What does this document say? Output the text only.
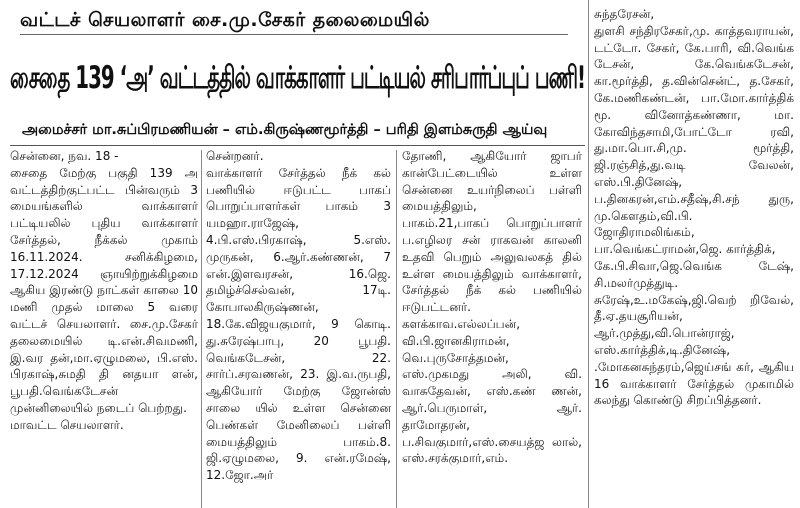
வட்டச் செயலாளர் சை.மு.சேகர் தலைமையில்
சைதை 139 ‘அ’ வட்டத்தில் வாக்காளர் பட்டியல் சரிபார்ப்புப் பணி!
அமைச்சர் மா.சுப்பிரமணியன் – எம்.கிருஷ்ணமூர்த்தி – பரிதி இளம்சுருதி ஆய்வு

சென்னை, நவ. 18 -
சைதை மேற்கு பகுதி 139 அ வட்டத்திற்குட்பட்ட பின்வரும் 3 மையங்களில் வாக்காளர் பட்டியலில் புதிய வாக்காளர் சேர்த்தல், நீக்கல் முகாம் 16.11.2024. சனிக்கிழமை, 17.12.2024 ஞாயிற்றுக்கிழமை ஆகிய இரண்டு நாட்கள் காலை 10 மணி முதல் மாலை 5 வரை வட்டச் செயலாளர். சை.மு.சேகர் தலைமையில் டி.என்.சிவமணி, இ.வர தன்,மா.ஏழுமலை, பி.எஸ். பிரகாஷ்,சுமதி தி னதயா ளன், பூபதி.வெங்கடேசன் முன்னிலையில் நடைப் பெற்றது.
மாவட்ட செயலாளர்.

சென்றனர்.
வாக்காளர் சேர்த்தல் நீக் கல் பணியில் ஈடுபட்ட பாகப் பொறுப்பாளர்கள் பாகம் 3 யமஹா.ராஜேஷ், 4.பி.எஸ்.பிரகாஷ், 5.எஸ். முருகன், 6.ஆர்.கண்ணன், 7 என்.இளவரசன், 16.ஜெ. தமிழ்ச்செல்வன், 17டி. கோபாலகிருஷ்ணன், 18.கே.விஜயகுமார், 9 கொடி. து.சுரேஷ்பாபு, 20 பூபதி. வெங்கடேசன், 22. சார்ப்.சரவணன், 23. இ.வ.ருபதி, ஆகியோர் மேற்கு ஜோன்ஸ் சாலை யில் உள்ள சென்னை பெண்கள் மேனிலைப் பள்ளி மையத்திலும் பாகம்.8. ஜி.ஏழுமலை, 9. என்.ரமேஷ், 12.ஜோ.அர்

தோணி, ஆகியோர் ஜாபர் கான்பேட்டையில் உள்ள சென்னை உயர்நிலைப் பள்ளி மையத்திலும்,
பாகம்.21,பாகப் பொறுப்பாளர் ப.எழிலர சன் ராகவன் காலனி உதவி பெறும் அலுவலகத் தில் உள்ள மையத்திலும் வாக்காளர், சேர்த்தல் நீக் கல் பணியில் ஈடுபட்டனர்.
களக்காவ.எல்லப்பன், வி.பி.ஜானகிராமன், வெ.புருசோத்தமன்,
எஸ்.முகமது அலி, வி. வாசுதேவன், எஸ்.கண் ணன், ஆர்.பெருமாள், ஆர். தாமோதரன், ப.சிவகுமார்,எஸ்.சையத்ஜ லால், எஸ்.சரக்குமார்,எம்.

சுந்தரேசன்,
துளசி சந்திரசேகர்,மு. காத்தவராயன், டட்டோ. சேகர், கே.பாரி, வி.வெங்க டேசன், கே.வெங்கடேசன், கா.மூர்த்தி, த.வின்சென்ட், த.சேகர், கே.மணிகண்டன், பா.மோ.கார்த்திக் மூ. வினோத்கண்ணா, மா. கோவிந்தசாமி,போட்டோ ரவி, து.மா.பொ.சி,மு. மூர்த்தி, ஜி.ரஞ்சித்,து.வடி வேலன், எஸ்.பி.தினேஷ், ப.தினகரன்,எம்.சதீஷ்,சி.சந் துரு, மு.கௌதம்,வி.பி. ஜோதிராமலிங்கம், பா.வெங்கட்ராமன்,ஜெ. கார்த்திக்,
கே.பி.சிவா,ஜெ.வெங்க டேஷ், சி.மலர்முத்துடி. சுரேஷ்,உ.மகேஷ்,ஜி.வெற் றிவேல், தீ.ஏ.தயசூரியன், ஆர்.முத்து,வி.பொன்ராஜ், எஸ்.கார்த்திக்,டி.தினேஷ், .மோகனசுந்தரம்,ஜெய்சங் கர், ஆகிய 16 வாக்காளர் சேர்த்தல் முகாமில் கலந்து கொண்டு சிறப்பித்தனர்.
